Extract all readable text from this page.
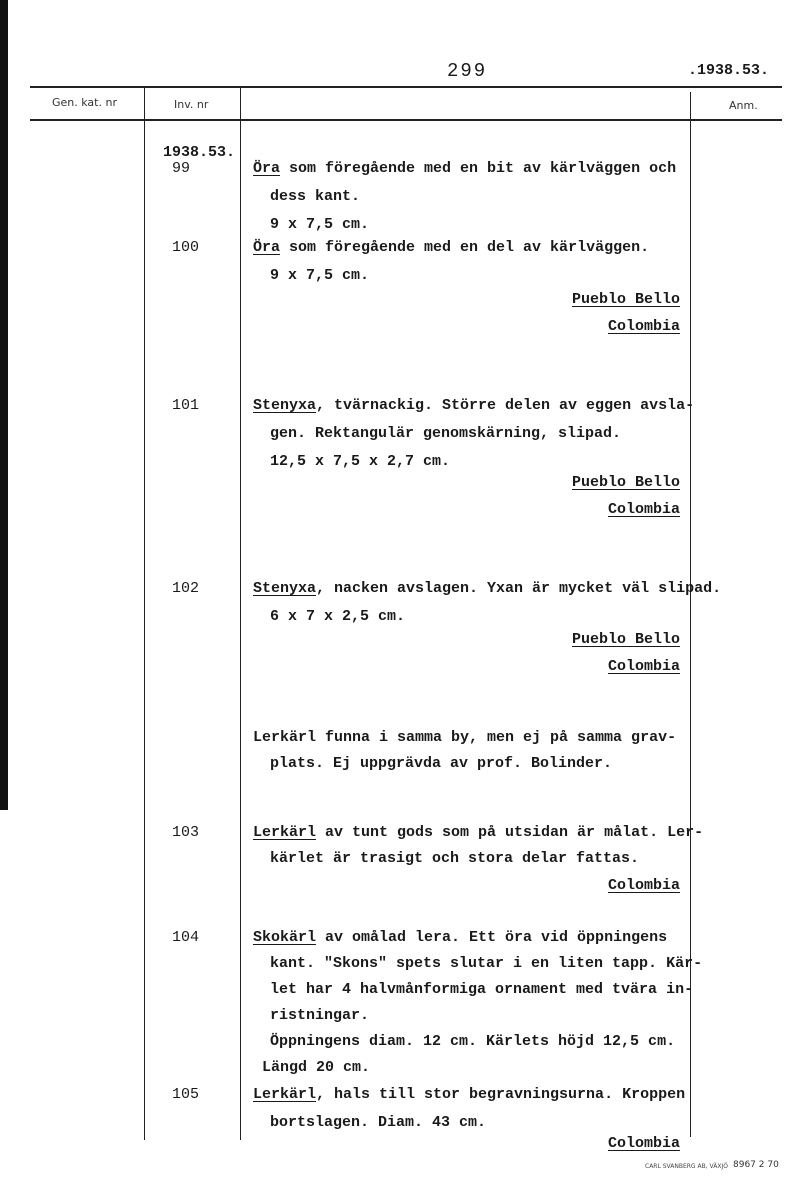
299	.1938.53.
Gen. kat. nr	Inv. nr	Anm.
1938.53.
99	Öra som föregående med en bit av kärlväggen och
dess kant.
9 x 7,5 cm.
100	Öra som föregående med en del av kärlväggen.
9 x 7,5 cm.
Pueblo Bello
Colombia
101	Stenyxa, tvärnackig. Större delen av eggen avsla-
gen. Rektangulär genomskärning, slipad.
12,5 x 7,5 x 2,7 cm.
Pueblo Bello
Colombia
102	Stenyxa, nacken avslagen. Yxan är mycket väl slipad.
6 x 7 x 2,5 cm.
Pueblo Bello
Colombia
Lerkärl funna i samma by, men ej på samma grav-
plats. Ej uppgrävda av prof. Bolinder.
103	Lerkärl av tunt gods som på utsidan är målat. Ler-
kärlet är trasigt och stora delar fattas.
Colombia
104	Skokärl av omålad lera. Ett öra vid öppningens
kant. "Skons" spets slutar i en liten tapp. Kär-
let har 4 halvmånformiga ornament med tvära in-
ristningar.
Öppningens diam. 12 cm. Kärlets höjd 12,5 cm.
Längd 20 cm.
105	Lerkärl, hals till stor begravningsurna. Kroppen
bortslagen. Diam. 43 cm.
Colombia
CARL SVANBERG AB, VÄXJÖ 8967 2 70
